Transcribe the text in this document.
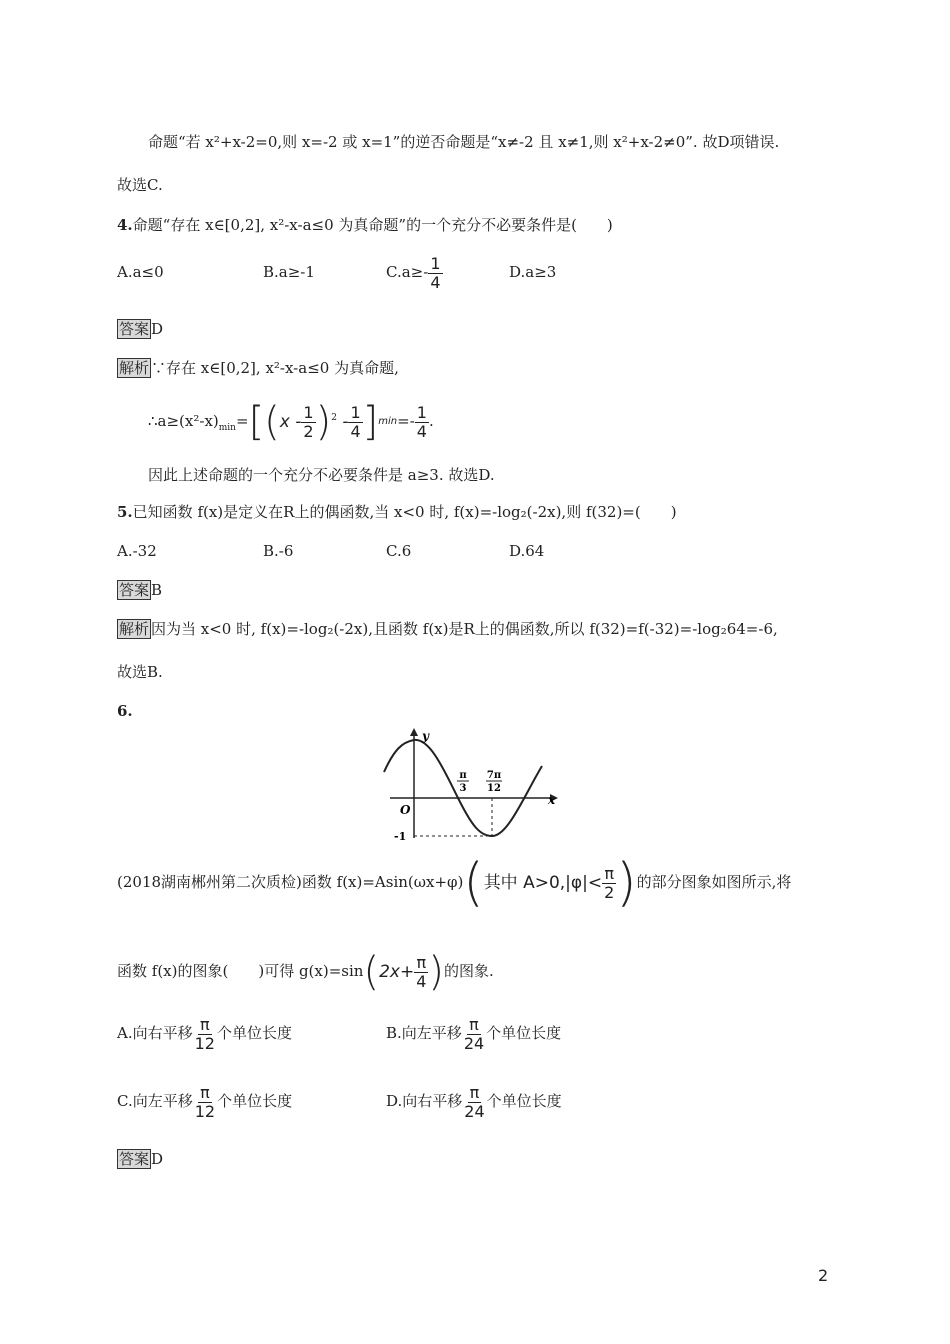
命题“若 x²+x-2=0,则 x=-2 或 x=1”的逆否命题是“x≠-2 且 x≠1,则 x²+x-2≠0”. 故D项错误.
故选C.
4.命题“存在 x∈[0,2], x²-x-a≤0 为真命题”的一个充分不必要条件是(　　)
A.a≤0	B.a≥-1	$C.a\ge- \frac{1}{4}$	D.a≥3
答案 D
解析 ∵存在 x∈[0,2], x²-x-a≤0 为真命题,
$\therefore a\ge(x^2-x)_{min}=[(x - \frac{1}{2} )^2 - \frac{1}{4} ]\min=- \frac{1}{4}$ .
因此上述命题的一个充分不必要条件是 a≥3. 故选D.
5.已知函数 f(x)是定义在R上的偶函数,当 x<0 时, f(x)=-log₂(-2x),则 f(32)=(　　)
A.-32	B.-6	C.6	D.64
答案 B
解析 因为当 x<0 时, f(x)=-log₂(-2x),且函数 f(x)是R上的偶函数,所以 f(32)=f(-32)=-log₂64=-6,
故选B.
6.
y
x
O
π
3
7π
12
-1
(2018湖南郴州第二次质检)函数 f(x)=Asin(ωx+φ)(其中 $A>0,|\varphi|< \frac{\pi}{2}$ )的部分图象如图所示,将
函数 f(x)的图象(　　)可得 $g(x)=\sin(2x+ \frac{\pi}{4}$ )的图象.
A.向右平移 $\frac{\pi}{12}$ 个单位长度	B.向左平移 $\frac{\pi}{24}$ 个单位长度
C.向左平移 $\frac{\pi}{12}$ 个单位长度	D.向右平移 $\frac{\pi}{24}$ 个单位长度
答案 D
2
